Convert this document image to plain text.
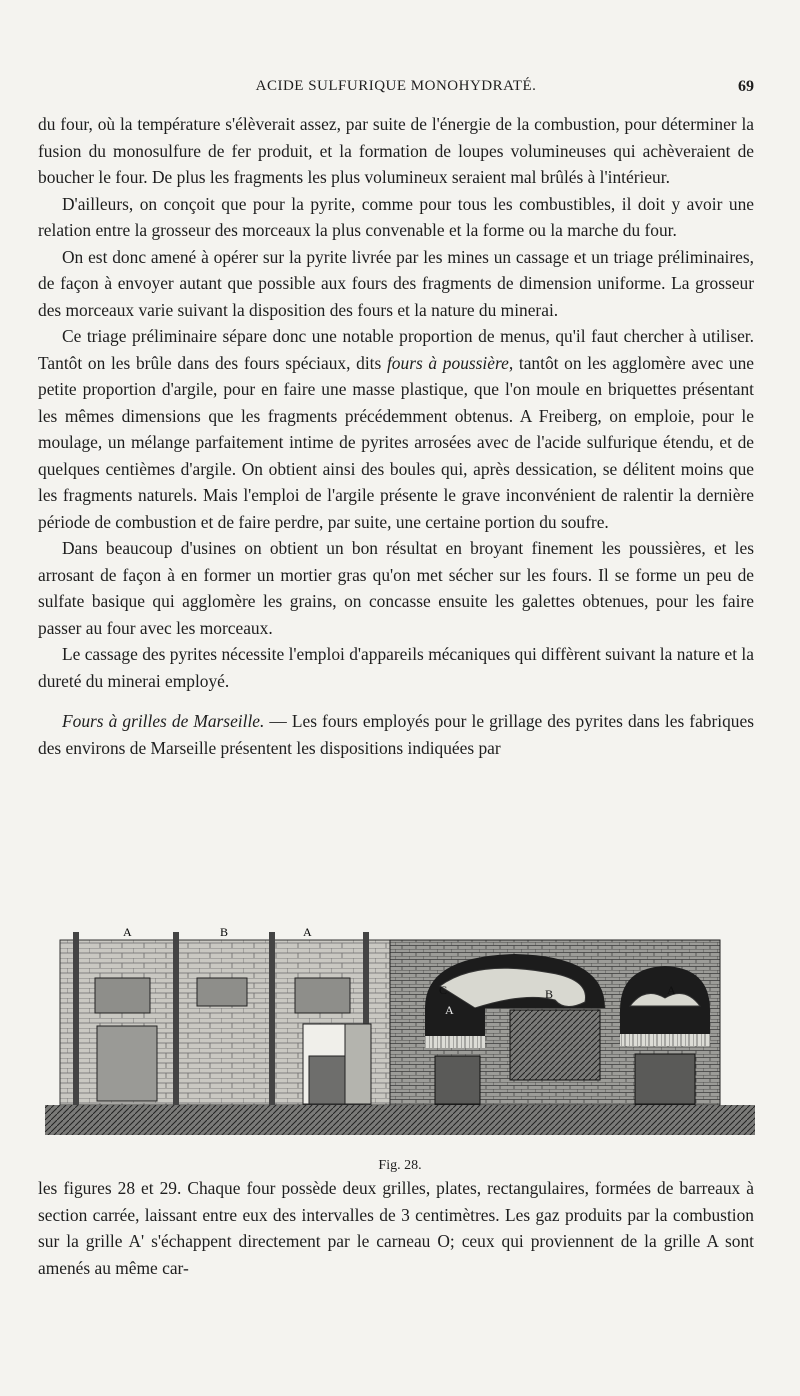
ACIDE SULFURIQUE MONOHYDRATÉ.	69

du four, où la température s'élèverait assez, par suite de l'énergie de la combustion, pour déterminer la fusion du monosulfure de fer produit, et la formation de loupes volumineuses qui achèveraient de boucher le four. De plus les fragments les plus volumineux seraient mal brûlés à l'intérieur.

D'ailleurs, on conçoit que pour la pyrite, comme pour tous les combustibles, il doit y avoir une relation entre la grosseur des morceaux la plus convenable et la forme ou la marche du four.

On est donc amené à opérer sur la pyrite livrée par les mines un cassage et un triage préliminaires, de façon à envoyer autant que possible aux fours des fragments de dimension uniforme. La grosseur des morceaux varie suivant la disposition des fours et la nature du minerai.

Ce triage préliminaire sépare donc une notable proportion de menus, qu'il faut chercher à utiliser. Tantôt on les brûle dans des fours spéciaux, dits fours à poussière, tantôt on les agglomère avec une petite proportion d'argile, pour en faire une masse plastique, que l'on moule en briquettes présentant les mêmes dimensions que les fragments précédemment obtenus. A Freiberg, on emploie, pour le moulage, un mélange parfaitement intime de pyrites arrosées avec de l'acide sulfurique étendu, et de quelques centièmes d'argile. On obtient ainsi des boules qui, après dessication, se délitent moins que les fragments naturels. Mais l'emploi de l'argile présente le grave inconvénient de ralentir la dernière période de combustion et de faire perdre, par suite, une certaine portion du soufre.

Dans beaucoup d'usines on obtient un bon résultat en broyant finement les poussières, et les arrosant de façon à en former un mortier gras qu'on met sécher sur les fours. Il se forme un peu de sulfate basique qui agglomère les grains, on concasse ensuite les galettes obtenues, pour les faire passer au four avec les morceaux.

Le cassage des pyrites nécessite l'emploi d'appareils mécaniques qui diffèrent suivant la nature et la dureté du minerai employé.

Fours à grilles de Marseille. — Les fours employés pour le grillage des pyrites dans les fabriques des environs de Marseille présentent les dispositions indiquées par

A	B	A
C	B
A
A
Fig. 28.

les figures 28 et 29. Chaque four possède deux grilles, plates, rectangulaires, formées de barreaux à section carrée, laissant entre eux des intervalles de 3 centimètres. Les gaz produits par la combustion sur la grille A' s'échappent directement par le carneau O; ceux qui proviennent de la grille A sont amenés au même car-
